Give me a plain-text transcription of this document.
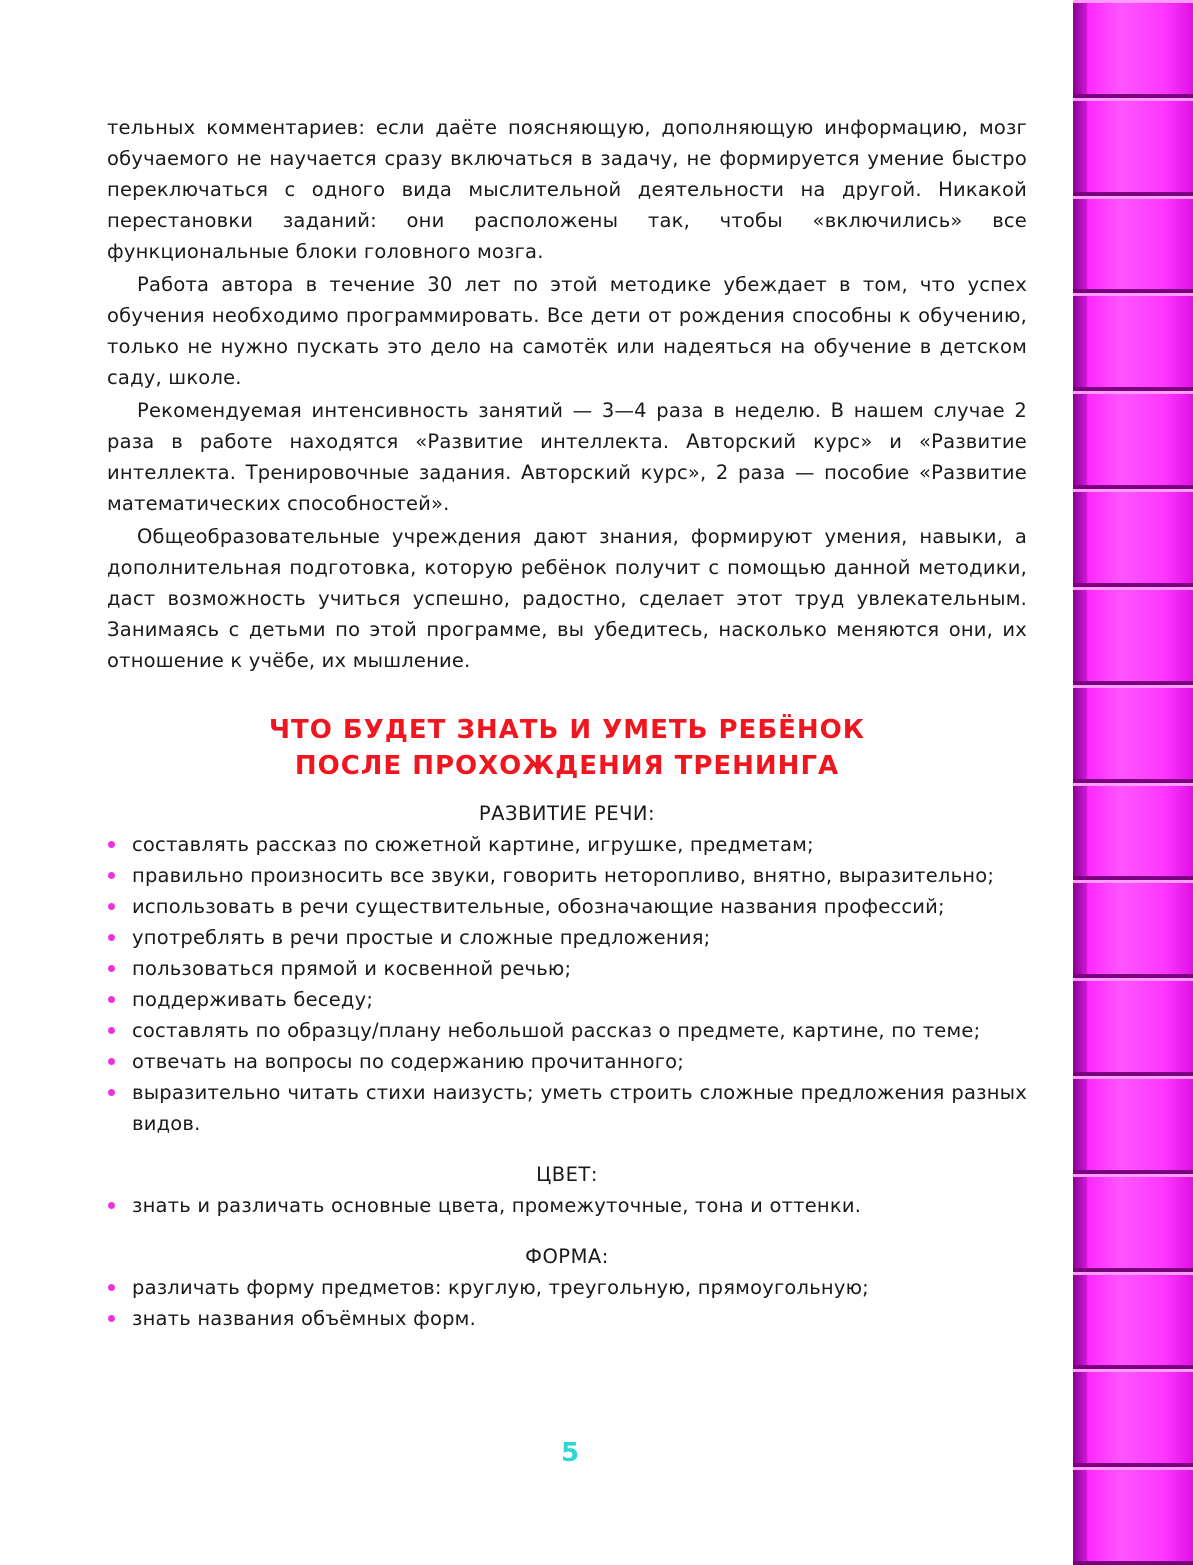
тельных комментариев: если даёте поясняющую, дополняющую информацию, мозг обучаемого не научается сразу включаться в задачу, не формируется умение быстро переключаться с одного вида мыслительной деятельности на другой. Никакой перестановки заданий: они расположены так, чтобы «включились» все функциональные блоки головного мозга.

Работа автора в течение 30 лет по этой методике убеждает в том, что успех обучения необходимо программировать. Все дети от рождения способны к обучению, только не нужно пускать это дело на самотёк или надеяться на обучение в детском саду, школе.

Рекомендуемая интенсивность занятий — 3—4 раза в неделю. В нашем случае 2 раза в работе находятся «Развитие интеллекта. Авторский курс» и «Развитие интеллекта. Тренировочные задания. Авторский курс», 2 раза — пособие «Развитие математических способностей».

Общеобразовательные учреждения дают знания, формируют умения, навыки, а дополнительная подготовка, которую ребёнок получит с помощью данной методики, даст возможность учиться успешно, радостно, сделает этот труд увлекательным. Занимаясь с детьми по этой программе, вы убедитесь, насколько меняются они, их отношение к учёбе, их мышление.

ЧТО БУДЕТ ЗНАТЬ И УМЕТЬ РЕБЁНОК
ПОСЛЕ ПРОХОЖДЕНИЯ ТРЕНИНГА
РАЗВИТИЕ РЕЧИ:
составлять рассказ по сюжетной картине, игрушке, предметам;
правильно произносить все звуки, говорить неторопливо, внятно, выразительно;
использовать в речи существительные, обозначающие названия профессий;
употреблять в речи простые и сложные предложения;
пользоваться прямой и косвенной речью;
поддерживать беседу;
составлять по образцу/плану небольшой рассказ о предмете, картине, по теме;
отвечать на вопросы по содержанию прочитанного;
выразительно читать стихи наизусть; уметь строить сложные предложения разных видов.
ЦВЕТ:
знать и различать основные цвета, промежуточные, тона и оттенки.
ФОРМА:
различать форму предметов: круглую, треугольную, прямоугольную;
знать названия объёмных форм.
5
